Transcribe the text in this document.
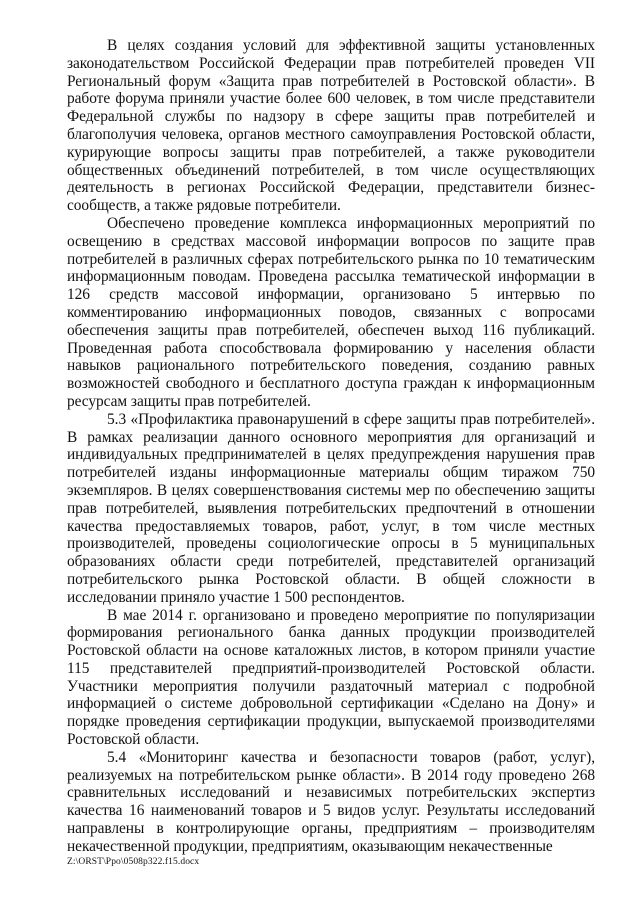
В целях создания условий для эффективной защиты установленных законодательством Российской Федерации прав потребителей проведен VII Региональный форум «Защита прав потребителей в Ростовской области». В работе форума приняли участие более 600 человек, в том числе представители Федеральной службы по надзору в сфере защиты прав потребителей и благополучия человека, органов местного самоуправления Ростовской области, курирующие вопросы защиты прав потребителей, а также руководители общественных объединений потребителей, в том числе осуществляющих деятельность в регионах Российской Федерации, представители бизнес-сообществ, а также рядовые потребители.

Обеспечено проведение комплекса информационных мероприятий по освещению в средствах массовой информации вопросов по защите прав потребителей в различных сферах потребительского рынка по 10 тематическим информационным поводам. Проведена рассылка тематической информации в 126 средств массовой информации, организовано 5 интервью по комментированию информационных поводов, связанных с вопросами обеспечения защиты прав потребителей, обеспечен выход 116 публикаций. Проведенная работа способствовала формированию у населения области навыков рационального потребительского поведения, созданию равных возможностей свободного и бесплатного доступа граждан к информационным ресурсам защиты прав потребителей.

5.3 «Профилактика правонарушений в сфере защиты прав потребителей». В рамках реализации данного основного мероприятия для организаций и индивидуальных предпринимателей в целях предупреждения нарушения прав потребителей изданы информационные материалы общим тиражом 750 экземпляров. В целях совершенствования системы мер по обеспечению защиты прав потребителей, выявления потребительских предпочтений в отношении качества предоставляемых товаров, работ, услуг, в том числе местных производителей, проведены социологические опросы в 5 муниципальных образованиях области среди потребителей, представителей организаций потребительского рынка Ростовской области. В общей сложности в исследовании приняло участие 1 500 респондентов.

В мае 2014 г. организовано и проведено мероприятие по популяризации формирования регионального банка данных продукции производителей Ростовской области на основе каталожных листов, в котором приняли участие 115 представителей предприятий-производителей Ростовской области. Участники мероприятия получили раздаточный материал с подробной информацией о системе добровольной сертификации «Сделано на Дону» и порядке проведения сертификации продукции, выпускаемой производителями Ростовской области.

5.4 «Мониторинг качества и безопасности товаров (работ, услуг), реализуемых на потребительском рынке области». В 2014 году проведено 268 сравнительных исследований и независимых потребительских экспертиз качества 16 наименований товаров и 5 видов услуг. Результаты исследований направлены в контролирующие органы, предприятиям – производителям некачественной продукции, предприятиям, оказывающим некачественные

Z:\ORST\Ppo\0508p322.f15.docx
